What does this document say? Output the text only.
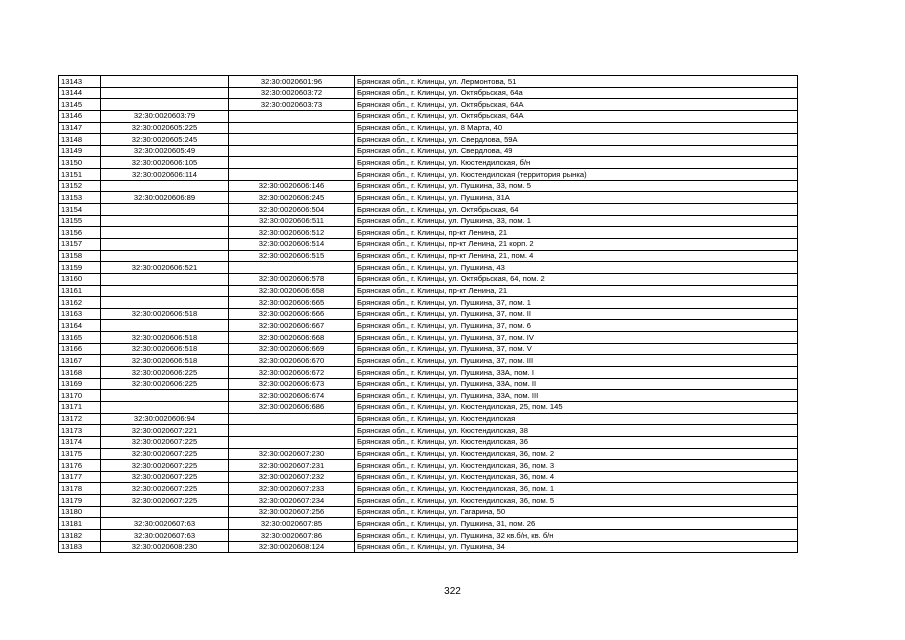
13143		32:30:0020601:96	Брянская обл., г. Клинцы, ул. Лермонтова, 51
13144		32:30:0020603:72	Брянская обл., г. Клинцы, ул. Октябрьская, 64а
13145		32:30:0020603:73	Брянская обл., г. Клинцы, ул. Октябрьская, 64А
13146	32:30:0020603:79		Брянская обл., г. Клинцы, ул. Октябрьская, 64А
13147	32:30:0020605:225		Брянская обл., г. Клинцы, ул. 8 Марта, 40
13148	32:30:0020605:245		Брянская обл., г. Клинцы, ул. Свердлова, 59А
13149	32:30:0020605:49		Брянская обл., г. Клинцы, ул. Свердлова, 49
13150	32:30:0020606:105		Брянская обл., г. Клинцы, ул. Кюстендилская, б/н
13151	32:30:0020606:114		Брянская обл., г. Клинцы, ул. Кюстендилская (территория рынка)
13152		32:30:0020606:146	Брянская обл., г. Клинцы, ул. Пушкина, 33, пом. 5
13153	32:30:0020606:89	32:30:0020606:245	Брянская обл., г. Клинцы, ул. Пушкина, 31А
13154		32:30:0020606:504	Брянская обл., г. Клинцы, ул. Октябрьская, 64
13155		32:30:0020606:511	Брянская обл., г. Клинцы, ул. Пушкина, 33, пом. 1
13156		32:30:0020606:512	Брянская обл., г. Клинцы, пр-кт Ленина, 21
13157		32:30:0020606:514	Брянская обл., г. Клинцы, пр-кт Ленина, 21 корп. 2
13158		32:30:0020606:515	Брянская обл., г. Клинцы, пр-кт Ленина, 21, пом. 4
13159	32:30:0020606:521		Брянская обл., г. Клинцы, ул. Пушкина, 43
13160		32:30:0020606:578	Брянская обл., г. Клинцы, ул. Октябрьская, 64, пом. 2
13161		32:30:0020606:658	Брянская обл., г. Клинцы, пр-кт Ленина, 21
13162		32:30:0020606:665	Брянская обл., г. Клинцы, ул. Пушкина, 37, пом. 1
13163	32:30:0020606:518	32:30:0020606:666	Брянская обл., г. Клинцы, ул. Пушкина, 37, пом. II
13164		32:30:0020606:667	Брянская обл., г. Клинцы, ул. Пушкина, 37, пом. 6
13165	32:30:0020606:518	32:30:0020606:668	Брянская обл., г. Клинцы, ул. Пушкина, 37, пом. IV
13166	32:30:0020606:518	32:30:0020606:669	Брянская обл., г. Клинцы, ул. Пушкина, 37, пом. V
13167	32:30:0020606:518	32:30:0020606:670	Брянская обл., г. Клинцы, ул. Пушкина, 37, пом. III
13168	32:30:0020606:225	32:30:0020606:672	Брянская обл., г. Клинцы, ул. Пушкина, 33А, пом. I
13169	32:30:0020606:225	32:30:0020606:673	Брянская обл., г. Клинцы, ул. Пушкина, 33А, пом. II
13170		32:30:0020606:674	Брянская обл., г. Клинцы, ул. Пушкина, 33А, пом. III
13171		32:30:0020606:686	Брянская обл., г. Клинцы, ул. Кюстендилская, 25, пом. 145
13172	32:30:0020606:94		Брянская обл., г. Клинцы, ул. Кюстендилская
13173	32:30:0020607:221		Брянская обл., г. Клинцы, ул. Кюстендилская, 38
13174	32:30:0020607:225		Брянская обл., г. Клинцы, ул. Кюстендилская, 36
13175	32:30:0020607:225	32:30:0020607:230	Брянская обл., г. Клинцы, ул. Кюстендилская, 36, пом. 2
13176	32:30:0020607:225	32:30:0020607:231	Брянская обл., г. Клинцы, ул. Кюстендилская, 36, пом. 3
13177	32:30:0020607:225	32:30:0020607:232	Брянская обл., г. Клинцы, ул. Кюстендилская, 36, пом. 4
13178	32:30:0020607:225	32:30:0020607:233	Брянская обл., г. Клинцы, ул. Кюстендилская, 36, пом. 1
13179	32:30:0020607:225	32:30:0020607:234	Брянская обл., г. Клинцы, ул. Кюстендилская, 36, пом. 5
13180		32:30:0020607:256	Брянская обл., г. Клинцы, ул. Гагарина, 50
13181	32:30:0020607:63	32:30:0020607:85	Брянская обл., г. Клинцы, ул. Пушкина, 31, пом. 26
13182	32:30:0020607:63	32:30:0020607:86	Брянская обл., г. Клинцы, ул. Пушкина, 32 кв.б/н, кв. б/н
13183	32:30:0020608:230	32:30:0020608:124	Брянская обл., г. Клинцы, ул. Пушкина, 34
322
